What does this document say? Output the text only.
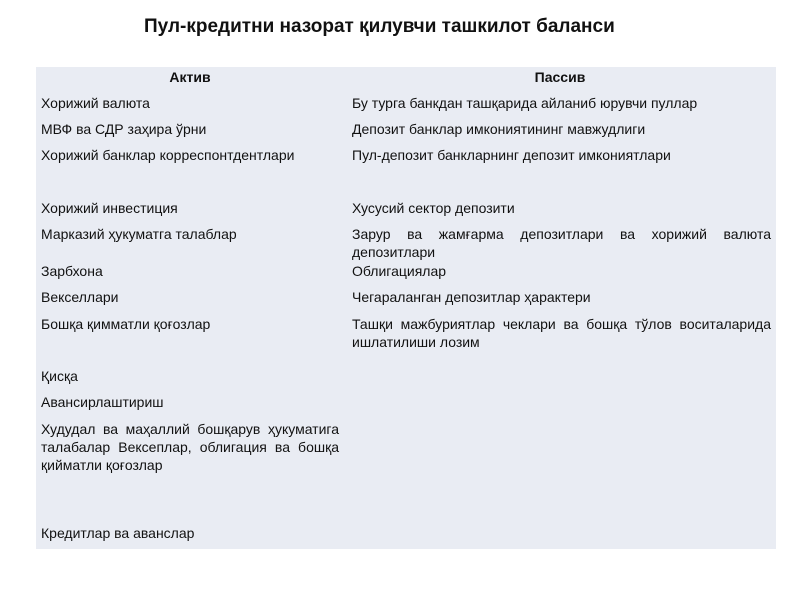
Пул-кредитни назорат қилувчи ташкилот баланси
Актив	Пассив
Хорижий валюта
МВФ ва СДР заҳира ўрни
Хорижий банклар корреспонтдентлари
Хорижий инвестиция
Марказий ҳукуматга талаблар
Зарбхона
Векселлари
Бошқа қимматли қоғозлар
Қисқа
Авансирлаштириш
Худудал ва маҳаллий бошқарув ҳукуматига талабалар Вексеплар, облигация ва бошқа қийматли қоғозлар
Кредитлар ва аванслар
Бу турга банкдан ташқарида айланиб юрувчи пуллар
Депозит банклар имкониятининг мавжудлиги
Пул-депозит банкларнинг депозит имкониятлари
Хусусий сектор депозити
Зарур ва жамғарма депозитлари ва хорижий валюта депозитлари
Облигациялар
Чегараланган депозитлар ҳарактери
Ташқи мажбуриятлар чеклари ва бошқа тўлов воситаларида ишлатилиши лозим
